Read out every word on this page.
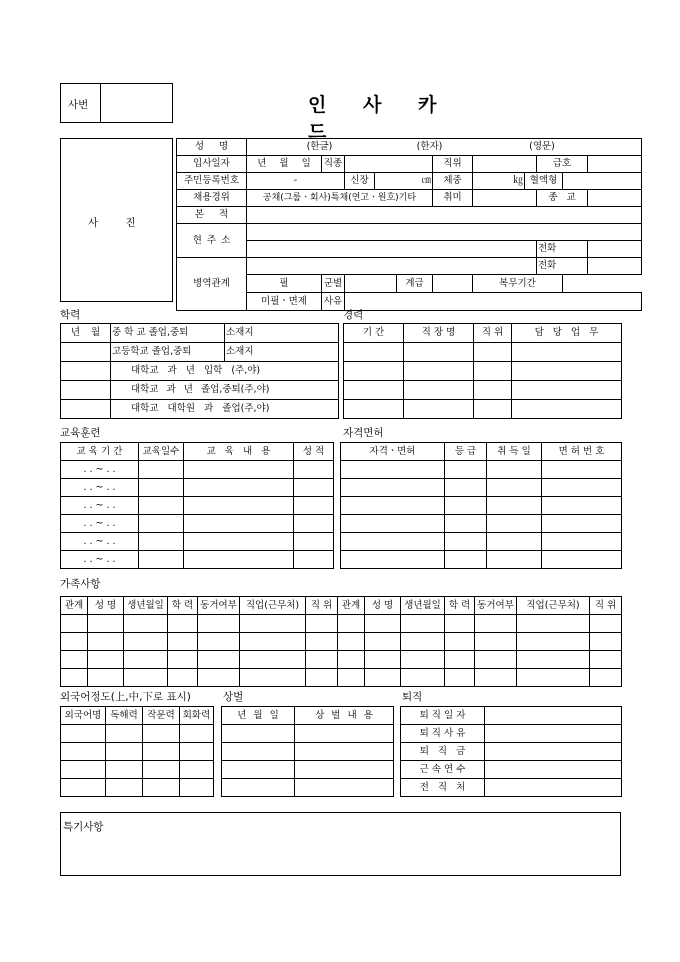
사번	인 사 카 드
사 진
성 명	(한글) (한자) (영문)										
입사일자	년 월 일	직종				직위			급호		
주민등록번호	-		신장	㎝		체중	㎏	혈액형			
채용경위	공채(그룹ㆍ회사)특채(연고ㆍ원호)기타					취미			종 교		
본 적											
현 주 소											
									전화		
병역관계									전화		
	필	군별			계급		복무기간				
	미필ㆍ면제	사유									
학력
년 월	중 학 교 졸업,중퇴	소재지
	고등학교 졸업,중퇴	소재지
	대학교 과 년 입학 (주,야)	
	대학교 과 년 졸업,중퇴(주,야)	
	대학교 대학원 과 졸업(주,야)	
경력
기 간	직 장 명	직 위	담 당 업 무

교육훈련
교 육 기 간	교육일수	교 육 내 용	성 적
. . ~ . .			
. . ~ . .			
. . ~ . .			
. . ~ . .			
. . ~ . .			
. . ~ . .			
자격면허
자격ㆍ면허	등 급	취 득 일	면 허 번 호

가족사항
관계	성 명	생년월일	학 력	동거여부	직업(근무처)	직 위	관계	성 명	생년월일	학 력	동거여부	직업(근무처)	직 위

외국어정도(上,中,下로 표시)
외국어명	독해력	작문력	회화력

상벌
년 월 일	상 벌 내 용

퇴직
퇴 직 일 자	
퇴 직 사 유	
퇴 직 금	
근 속 연 수	
전 직 처	
특기사항
